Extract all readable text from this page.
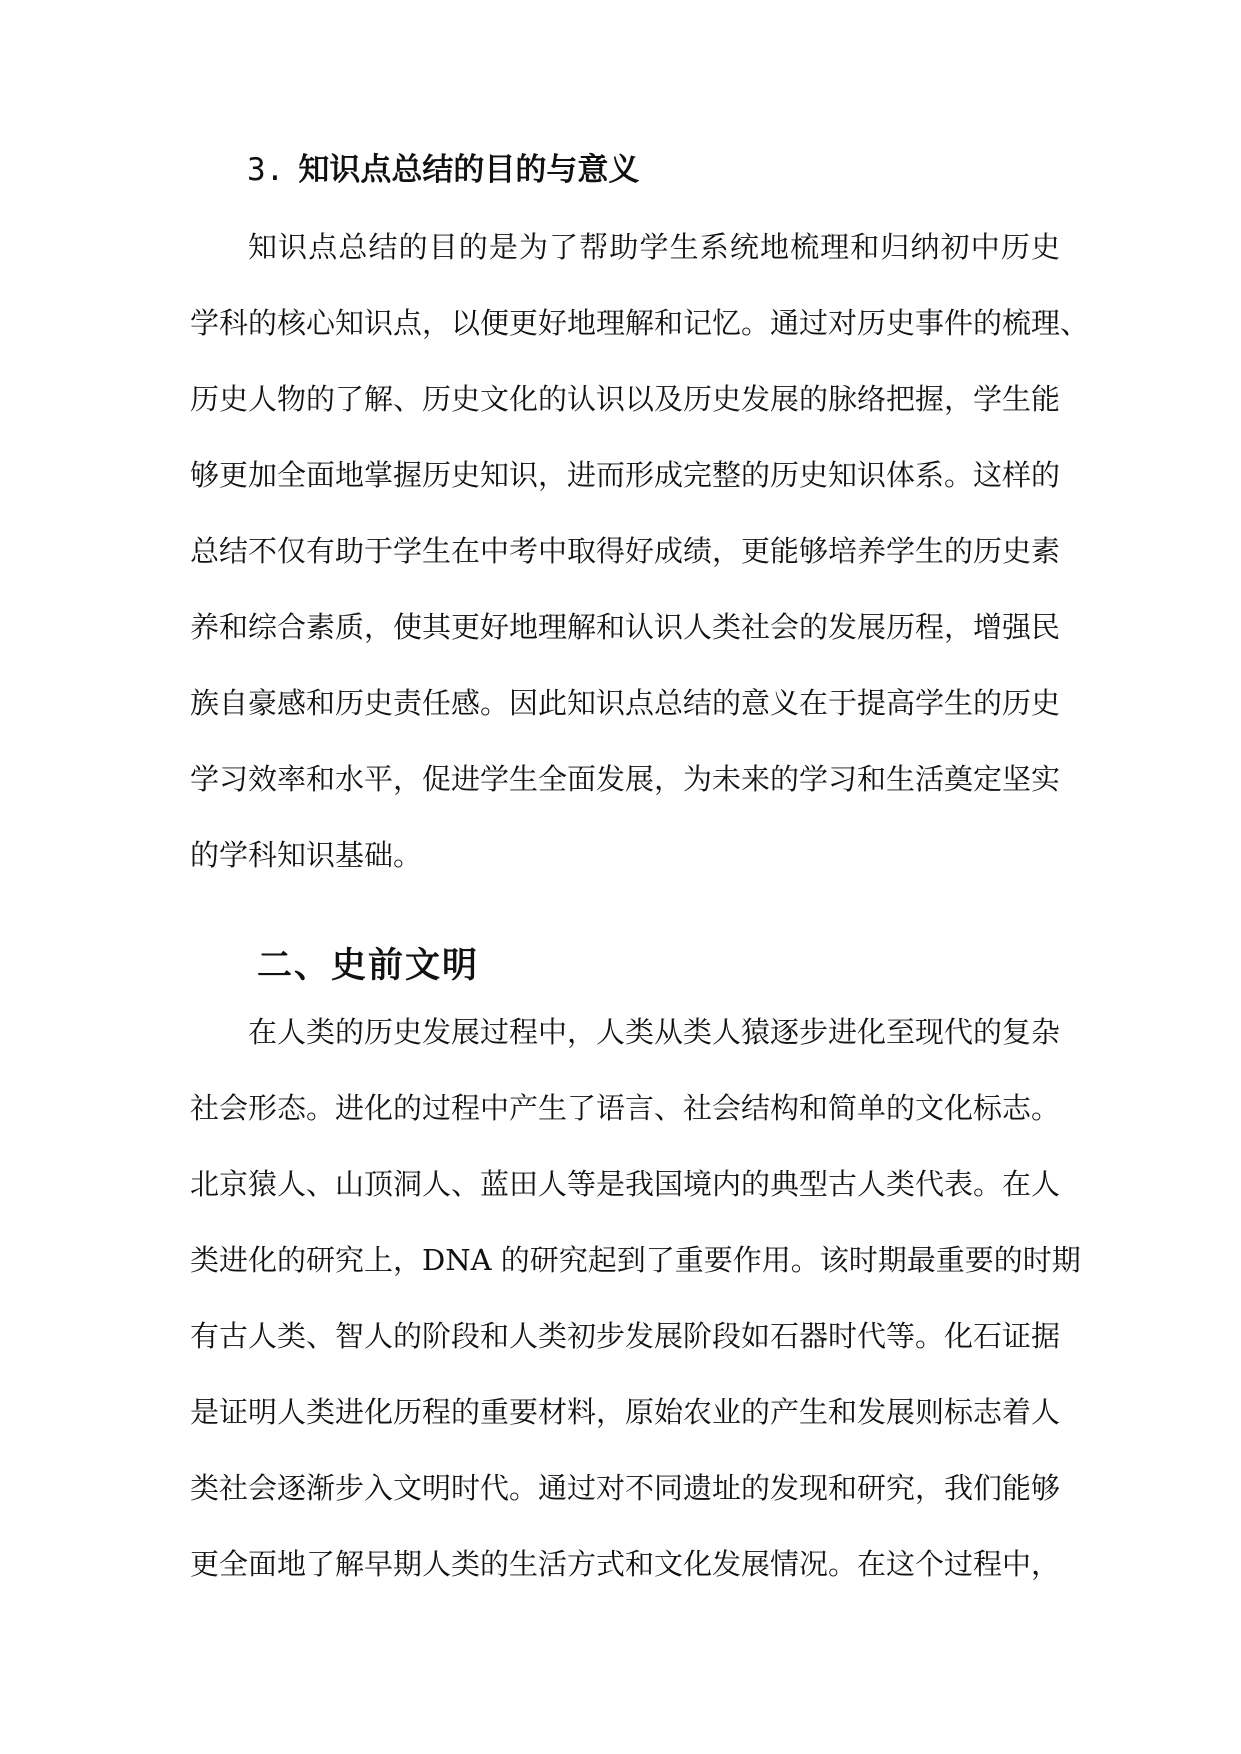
3. 知识点总结的目的与意义
知识点总结的目的是为了帮助学生系统地梳理和归纳初中历史
学科的核心知识点，以便更好地理解和记忆。通过对历史事件的梳理、
历史人物的了解、历史文化的认识以及历史发展的脉络把握，学生能
够更加全面地掌握历史知识，进而形成完整的历史知识体系。这样的
总结不仅有助于学生在中考中取得好成绩，更能够培养学生的历史素
养和综合素质，使其更好地理解和认识人类社会的发展历程，增强民
族自豪感和历史责任感。因此知识点总结的意义在于提高学生的历史
学习效率和水平，促进学生全面发展，为未来的学习和生活奠定坚实
的学科知识基础。
二、史前文明
在人类的历史发展过程中，人类从类人猿逐步进化至现代的复杂
社会形态。进化的过程中产生了语言、社会结构和简单的文化标志。
北京猿人、山顶洞人、蓝田人等是我国境内的典型古人类代表。在人
类进化的研究上，DNA 的研究起到了重要作用。该时期最重要的时期
有古人类、智人的阶段和人类初步发展阶段如石器时代等。化石证据
是证明人类进化历程的重要材料，原始农业的产生和发展则标志着人
类社会逐渐步入文明时代。通过对不同遗址的发现和研究，我们能够
更全面地了解早期人类的生活方式和文化发展情况。在这个过程中，
